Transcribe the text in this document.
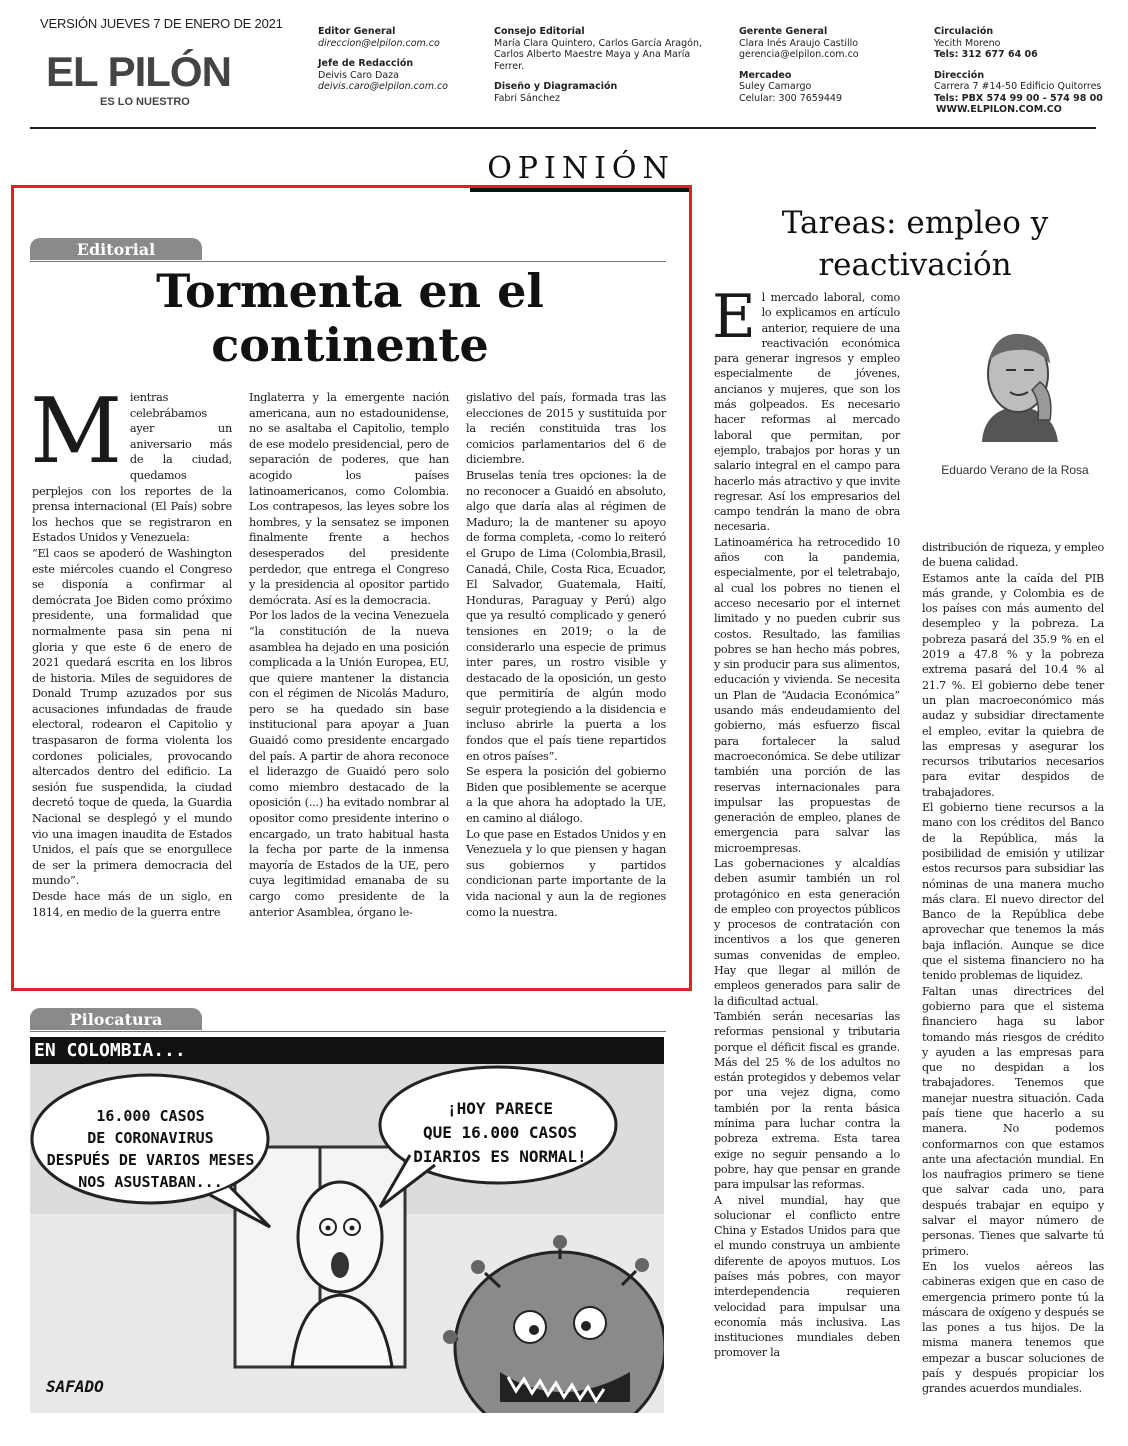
VERSIÓN JUEVES 7 DE ENERO DE 2021
EL PILÓN
ES LO NUESTRO
Editor General
direccion@elpilon.com.co
Jefe de Redacción
Deivis Caro Daza
deivis.caro@elpilon.com.co
Consejo Editorial
María Clara Quintero, Carlos García Aragón, Carlos Alberto Maestre Maya y Ana María Ferrer.
Diseño y Diagramación
Fabri Sánchez
Gerente General
Clara Inés Araujo Castillo
gerencia@elpilon.com.co
Mercadeo
Suley Camargo
Celular: 300 7659449
Circulación
Yecith Moreno
Tels: 312 677 64 06
Dirección
Carrera 7 #14-50 Edificio Quitorres
Tels: PBX 574 99 00 - 574 98 00
WWW.ELPILON.COM.CO
OPINIÓN
Editorial
Tormenta en el continente
M ientras celebrábamos ayer un aniversario más de la ciudad, quedamos perplejos con los reportes de la prensa internacional (El País) sobre los hechos que se registraron en Estados Unidos y Venezuela:

“El caos se apoderó de Washington este miércoles cuando el Congreso se disponía a confirmar al demócrata Joe Biden como próximo presidente, una formalidad que normalmente pasa sin pena ni gloria y que este 6 de enero de 2021 quedará escrita en los libros de historia. Miles de seguidores de Donald Trump azuzados por sus acusaciones infundadas de fraude electoral, rodearon el Capitolio y traspasaron de forma violenta los cordones policiales, provocando altercados dentro del edificio. La sesión fue suspendida, la ciudad decretó toque de queda, la Guardia Nacional se desplegó y el mundo vio una imagen inaudita de Estados Unidos, el país que se enorgullece de ser la primera democracia del mundo”.

Desde hace más de un siglo, en 1814, en medio de la guerra entre

Inglaterra y la emergente nación americana, aun no estadounidense, no se asaltaba el Capitolio, templo de ese modelo presidencial, pero de separación de poderes, que han acogido los países latinoamericanos, como Colombia. Los contrapesos, las leyes sobre los hombres, y la sensatez se imponen finalmente frente a hechos desesperados del presidente perdedor, que entrega el Congreso y la presidencia al opositor partido demócrata. Así es la democracia.

Por los lados de la vecina Venezuela “la constitución de la nueva asamblea ha dejado en una posición complicada a la Unión Europea, EU, que quiere mantener la distancia con el régimen de Nicolás Maduro, pero se ha quedado sin base institucional para apoyar a Juan Guaidó como presidente encargado del país. A partir de ahora reconoce el liderazgo de Guaidó pero solo como miembro destacado de la oposición (...) ha evitado nombrar al opositor como presidente interino o encargado, un trato habitual hasta la fecha por parte de la inmensa mayoría de Estados de la UE, pero cuya legitimidad emanaba de su cargo como presidente de la anterior Asamblea, órgano le-

gislativo del país, formada tras las elecciones de 2015 y sustituida por la recién constituida tras los comicios parlamentarios del 6 de diciembre.

Bruselas tenía tres opciones: la de no reconocer a Guaidó en absoluto, algo que daría alas al régimen de Maduro; la de mantener su apoyo de forma completa, -como lo reiteró el Grupo de Lima (Colombia,Brasil, Canadá, Chile, Costa Rica, Ecuador, El Salvador, Guatemala, Haití, Honduras, Paraguay y Perú) algo que ya resultó complicado y generó tensiones en 2019; o la de considerarlo una especie de primus inter pares, un rostro visible y destacado de la oposición, un gesto que permitiría de algún modo seguir protegiendo a la disidencia e incluso abrirle la puerta a los fondos que el país tiene repartidos en otros países”.

Se espera la posición del gobierno Biden que posiblemente se acerque a la que ahora ha adoptado la UE, en camino al diálogo.

Lo que pase en Estados Unidos y en Venezuela y lo que piensen y hagan sus gobiernos y partidos condicionan parte importante de la vida nacional y aun la de regiones como la nuestra.

Pilocatura
EN COLOMBIA...
16.000 CASOS
DE CORONAVIRUS
DESPUÉS DE VARIOS MESES
NOS ASUSTABAN...
¡HOY PARECE
QUE 16.000 CASOS
DIARIOS ES NORMAL!
SAFADO
Tareas: empleo y reactivación
Eduardo Verano de la Rosa
E l mercado laboral, como lo explicamos en artículo anterior, requiere de una reactivación económica para generar ingresos y empleo especialmente de jóvenes, ancianos y mujeres, que son los más golpeados. Es necesario hacer reformas al mercado laboral que permitan, por ejemplo, trabajos por horas y un salario integral en el campo para hacerlo más atractivo y que invite regresar. Así los empresarios del campo tendrán la mano de obra necesaria.

Latinoamérica ha retrocedido 10 años con la pandemia, especialmente, por el teletrabajo, al cual los pobres no tienen el acceso necesario por el internet limitado y no pueden cubrir sus costos. Resultado, las familias pobres se han hecho más pobres, y sin producir para sus alimentos, educación y vivienda. Se necesita un Plan de “Audacia Económica” usando más endeudamiento del gobierno, más esfuerzo fiscal para fortalecer la salud macroeconómica. Se debe utilizar también una porción de las reservas internacionales para impulsar las propuestas de generación de empleo, planes de emergencia para salvar las microempresas.

Las gobernaciones y alcaldías deben asumir también un rol protagónico en esta generación de empleo con proyectos públicos y procesos de contratación con incentivos a los que generen sumas convenidas de empleo. Hay que llegar al millón de empleos generados para salir de la dificultad actual.

También serán necesarias las reformas pensional y tributaria porque el déficit fiscal es grande. Más del 25 % de los adultos no están protegidos y debemos velar por una vejez digna, como también por la renta básica mínima para luchar contra la pobreza extrema. Esta tarea exige no seguir pensando a lo pobre, hay que pensar en grande para impulsar las reformas.

A nivel mundial, hay que solucionar el conflicto entre China y Estados Unidos para que el mundo construya un ambiente diferente de apoyos mutuos. Los países más pobres, con mayor interdependencia requieren velocidad para impulsar una economía más inclusiva. Las instituciones mundiales deben promover la

distribución de riqueza, y empleo de buena calidad.

Estamos ante la caída del PIB más grande, y Colombia es de los países con más aumento del desempleo y la pobreza. La pobreza pasará del 35.9 % en el 2019 a 47.8 % y la pobreza extrema pasará del 10.4 % al 21.7 %. El gobierno debe tener un plan macroeconómico más audaz y subsidiar directamente el empleo, evitar la quiebra de las empresas y asegurar los recursos tributarios necesarios para evitar despidos de trabajadores.

El gobierno tiene recursos a la mano con los créditos del Banco de la República, más la posibilidad de emisión y utilizar estos recursos para subsidiar las nóminas de una manera mucho más clara. El nuevo director del Banco de la República debe aprovechar que tenemos la más baja inflación. Aunque se dice que el sistema financiero no ha tenido problemas de liquidez.

Faltan unas directrices del gobierno para que el sistema financiero haga su labor tomando más riesgos de crédito y ayuden a las empresas para que no despidan a los trabajadores. Tenemos que manejar nuestra situación. Cada país tiene que hacerlo a su manera. No podemos conformarnos con que estamos ante una afectación mundial. En los naufragios primero se tiene que salvar cada uno, para después trabajar en equipo y salvar el mayor número de personas. Tienes que salvarte tú primero.

En los vuelos aéreos las cabineras exigen que en caso de emergencia primero ponte tú la máscara de oxígeno y después se las pones a tus hijos. De la misma manera tenemos que empezar a buscar soluciones de país y después propiciar los grandes acuerdos mundiales.
